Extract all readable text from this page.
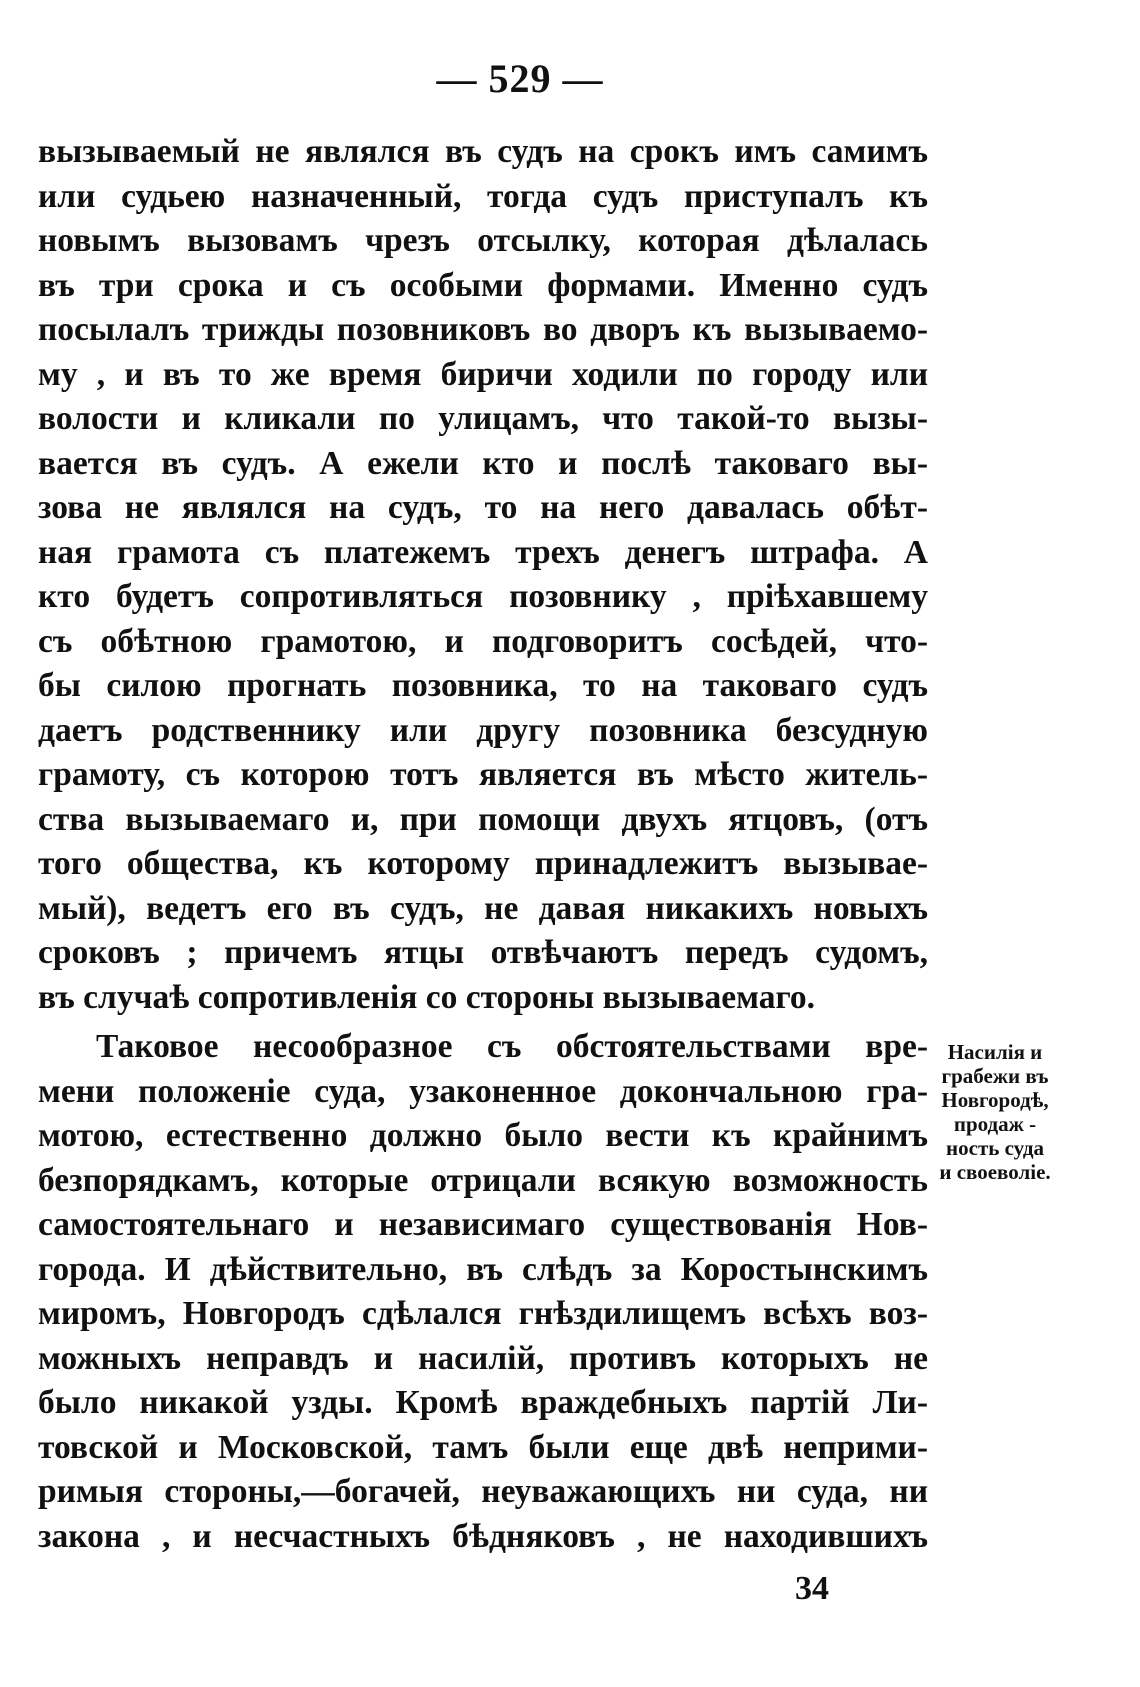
— 529 —
вызываемый не являлся въ судъ на срокъ имъ самимъ
или судьею назначенный, тогда судъ приступалъ къ
новымъ вызовамъ чрезъ отсылку, которая дѣлалась
въ три срока и съ особыми формами. Именно судъ
посылалъ трижды позовниковъ во дворъ къ вызываемо-
му , и въ то же время биричи ходили по городу или
волости и кликали по улицамъ, что такой-то вызы-
вается въ судъ. А ежели кто и послѣ таковаго вы-
зова не являлся на судъ, то на него давалась обѣт-
ная грамота съ платежемъ трехъ денегъ штрафа. А
кто будетъ сопротивляться позовнику , пріѣхавшему
съ обѣтною грамотою, и подговоритъ сосѣдей, что-
бы силою прогнать позовника, то на таковаго судъ
даетъ родственнику или другу позовника безсудную
грамоту, съ которою тотъ является въ мѣсто житель-
ства вызываемаго и, при помощи двухъ ятцовъ, (отъ
того общества, къ которому принадлежитъ вызывае-
мый), ведетъ его въ судъ, не давая никакихъ новыхъ
сроковъ ; причемъ ятцы отвѣчаютъ передъ судомъ,
въ случаѣ сопротивленія со стороны вызываемаго.
Таковое несообразное съ обстоятельствами вре-
мени положеніе суда, узаконенное докончальною гра-
мотою, естественно должно было вести къ крайнимъ
безпорядкамъ, которые отрицали всякую возможность
самостоятельнаго и независимаго существованія Нов-
города. И дѣйствительно, въ слѣдъ за Коростынскимъ
миромъ, Новгородъ сдѣлался гнѣздилищемъ всѣхъ воз-
можныхъ неправдъ и насилій, противъ которыхъ не
было никакой узды. Кромѣ враждебныхъ партій Ли-
товской и Московской, тамъ были еще двѣ неприми-
римыя стороны,—богачей, неуважающихъ ни суда, ни
закона , и несчастныхъ бѣдняковъ , не находившихъ
Насилія и
грабежи въ
Новгородѣ,
продаж -
ность суда
и своеволіе.
34
